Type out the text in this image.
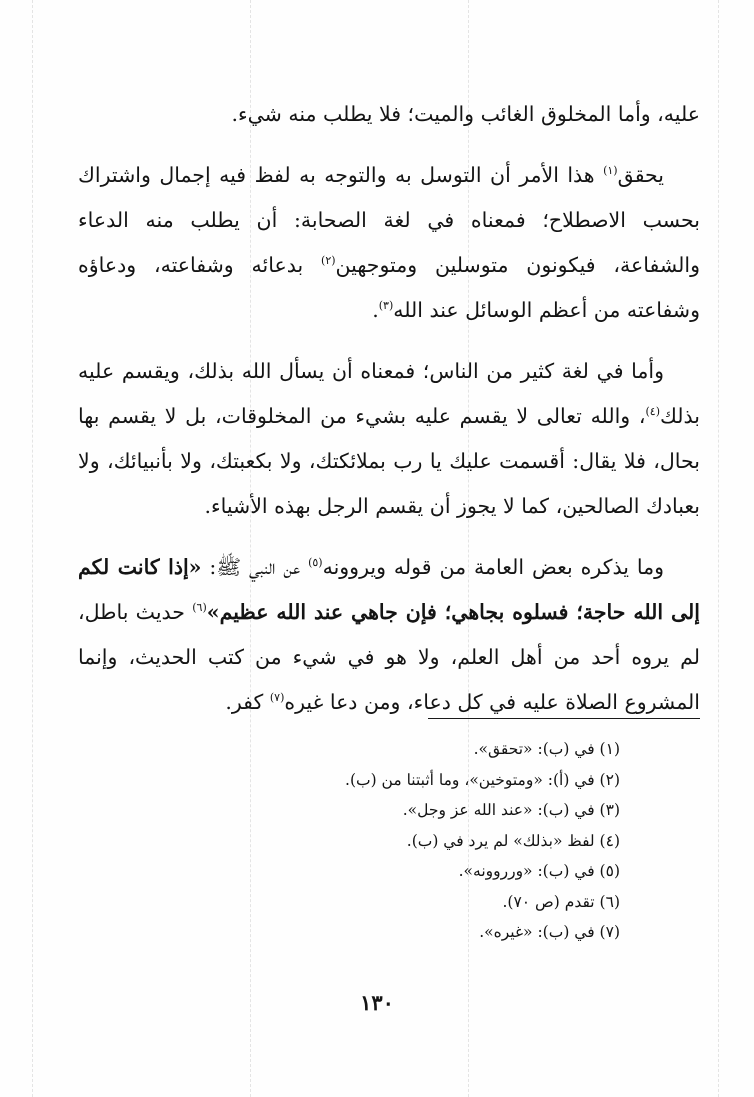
عليه، وأما المخلوق الغائب والميت؛ فلا يطلب منه شيء.

يحقق$^{(١)}$ هذا الأمر أن التوسل به والتوجه به لفظ فيه إجمال واشتراك بحسب الاصطلاح؛ فمعناه في لغة الصحابة: أن يطلب منه الدعاء والشفاعة، فيكونون متوسلين ومتوجهين$^{(٢)}$ بدعائه وشفاعته، ودعاؤه وشفاعته من أعظم الوسائل عند الله$^{(٣)}$.

وأما في لغة كثير من الناس؛ فمعناه أن يسأل الله بذلك، ويقسم عليه بذلك$^{(٤)}$، والله تعالى لا يقسم عليه بشيء من المخلوقات، بل لا يقسم بها بحال، فلا يقال: أقسمت عليك يا رب بملائكتك، ولا بكعبتك، ولا بأنبيائك، ولا بعبادك الصالحين، كما لا يجوز أن يقسم الرجل بهذه الأشياء.

وما يذكره بعض العامة من قوله ويروونه$^{(٥)}$ عن النبي ﷺ: «إذا كانت لكم إلى الله حاجة؛ فسلوه بجاهي؛ فإن جاهي عند الله عظيم»$^{(٦)}$ حديث باطل، لم يروه أحد من أهل العلم، ولا هو في شيء من كتب الحديث، وإنما المشروع الصلاة عليه في كل دعاء، ومن دعا غيره$^{(٧)}$ كفر.

(١) في (ب): «تحقق».
(٢) في (أ): «ومتوخين»، وما أثبتنا من (ب).
(٣) في (ب): «عند الله عز وجل».
(٤) لفظ «بذلك» لم يرد في (ب).
(٥) في (ب): «ورروونه».
(٦) تقدم (ص ٧٠).
(٧) في (ب): «غيره».
١٣٠
